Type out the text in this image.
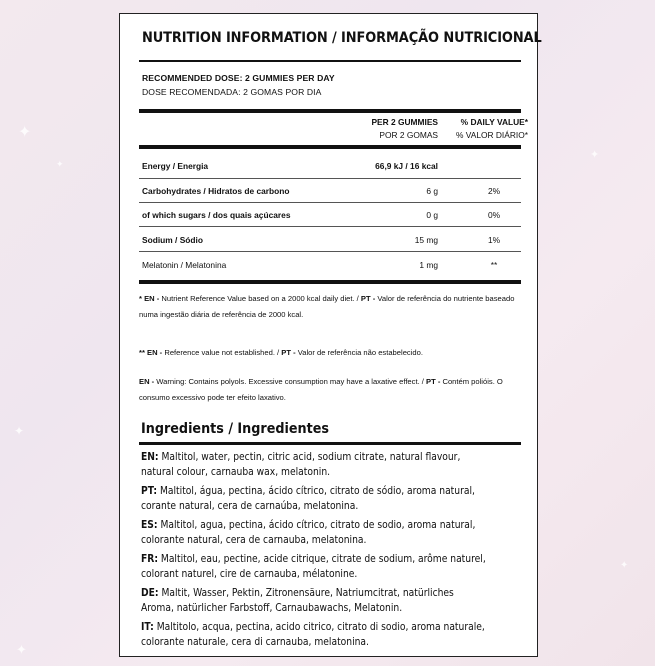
✦
✦
✦
✦
✦
✦
NUTRITION INFORMATION / INFORMAÇÃO NUTRICIONAL
RECOMMENDED DOSE: 2 GUMMIES PER DAY
DOSE RECOMENDADA: 2 GOMAS POR DIA
PER 2 GUMMIES
POR 2 GOMAS
% DAILY VALUE*
% VALOR DIÁRIO*
Energy / Energia	66,9 kJ / 16 kcal
Carbohydrates / Hidratos de carbono	6 g	2%
of which sugars / dos quais açúcares	0 g	0%
Sodium / Sódio	15 mg	1%
Melatonin / Melatonina	1 mg	**
* EN - Nutrient Reference Value based on a 2000 kcal daily diet. / PT - Valor de referência do nutriente baseado numa ingestão diária de referência de 2000 kcal.
** EN - Reference value not established. / PT - Valor de referência não estabelecido.
EN - Warning: Contains polyols. Excessive consumption may have a laxative effect. / PT - Contém polióis. O consumo excessivo pode ter efeito laxativo.
Ingredients / Ingredientes
EN: Maltitol, water, pectin, citric acid, sodium citrate, natural flavour, natural colour, carnauba wax, melatonin.
PT: Maltitol, água, pectina, ácido cítrico, citrato de sódio, aroma natural, corante natural, cera de carnaúba, melatonina.
ES: Maltitol, agua, pectina, ácido cítrico, citrato de sodio, aroma natural, colorante natural, cera de carnauba, melatonina.
FR: Maltitol, eau, pectine, acide citrique, citrate de sodium, arôme naturel, colorant naturel, cire de carnauba, mélatonine.
DE: Maltit, Wasser, Pektin, Zitronensäure, Natriumcitrat, natürliches Aroma, natürlicher Farbstoff, Carnaubawachs, Melatonin.
IT: Maltitolo, acqua, pectina, acido citrico, citrato di sodio, aroma naturale, colorante naturale, cera di carnauba, melatonina.
